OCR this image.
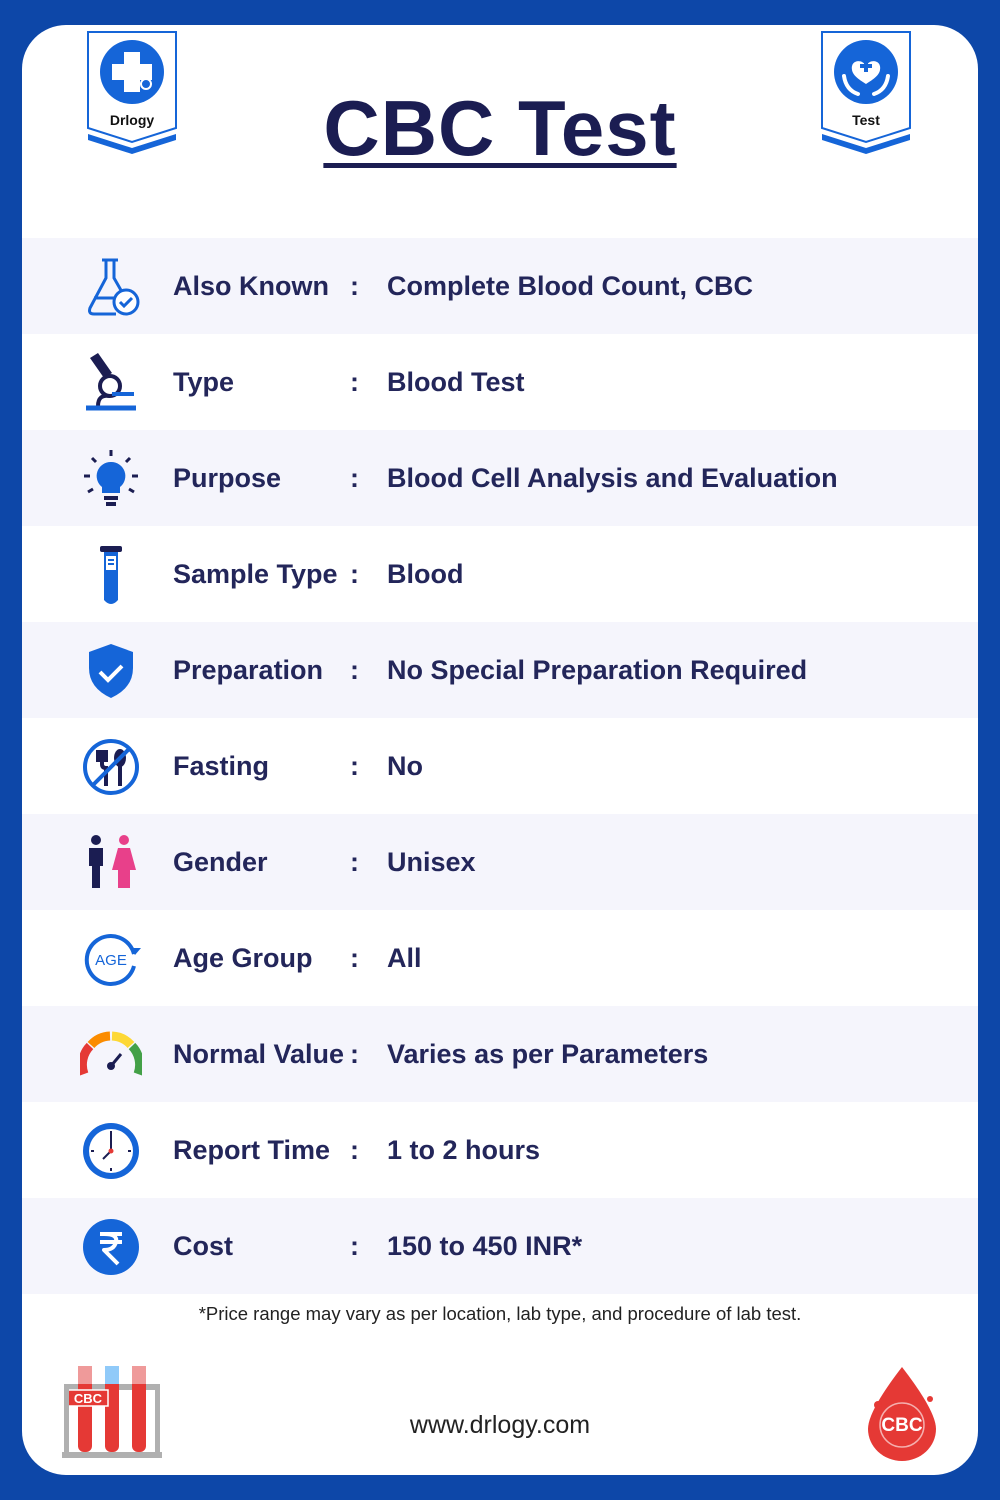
Drlogy	Test
CBC Test
Also Known : Complete Blood Count, CBC
Type	: Blood Test
Purpose	: Blood Cell Analysis and Evaluation
Sample Type : Blood
Preparation : No Special Preparation Required
Fasting	: No
Gender	: Unisex
AGE Age Group : All
Normal Value : Varies as per Parameters
Report Time : 1 to 2 hours
Cost	: 150 to 450 INR*
*Price range may vary as per location, lab type, and procedure of lab test.
CBC
www.drlogy.com	CBC
